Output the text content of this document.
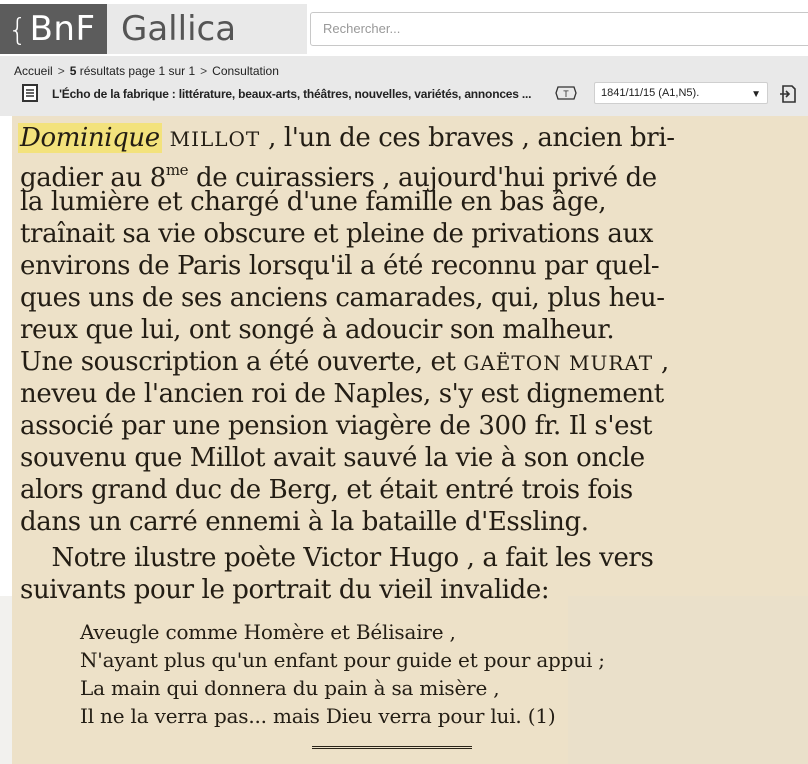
{BnF Gallica	Rechercher...
Accueil > 5 résultats page 1 sur 1 > Consultation
L'Écho de la fabrique : littérature, beaux-arts, théâtres, nouvelles, variétés, annonces ...	T	1841/11/15 (A1,N5).	▼
Dominique MILLOT , l'un de ces braves , ancien bri-
gadier au $8^{me}$ de cuirassiers , aujourd'hui privé de
la lumière et chargé d'une famille en bas âge,
traînait sa vie obscure et pleine de privations aux
environs de Paris lorsqu'il a été reconnu par quel-
ques uns de ses anciens camarades, qui, plus heu-
reux que lui, ont songé à adoucir son malheur.
Une souscription a été ouverte, et GAËTON MURAT ,
neveu de l'ancien roi de Naples, s'y est dignement
associé par une pension viagère de 300 fr. Il s'est
souvenu que Millot avait sauvé la vie à son oncle
alors grand duc de Berg, et était entré trois fois
dans un carré ennemi à la bataille d'Essling.
Notre ilustre poète Victor Hugo , a fait les vers
suivants pour le portrait du vieil invalide:
Aveugle comme Homère et Bélisaire ,
N'ayant plus qu'un enfant pour guide et pour appui ;
La main qui donnera du pain à sa misère ,
Il ne la verra pas... mais Dieu verra pour lui. (1)
